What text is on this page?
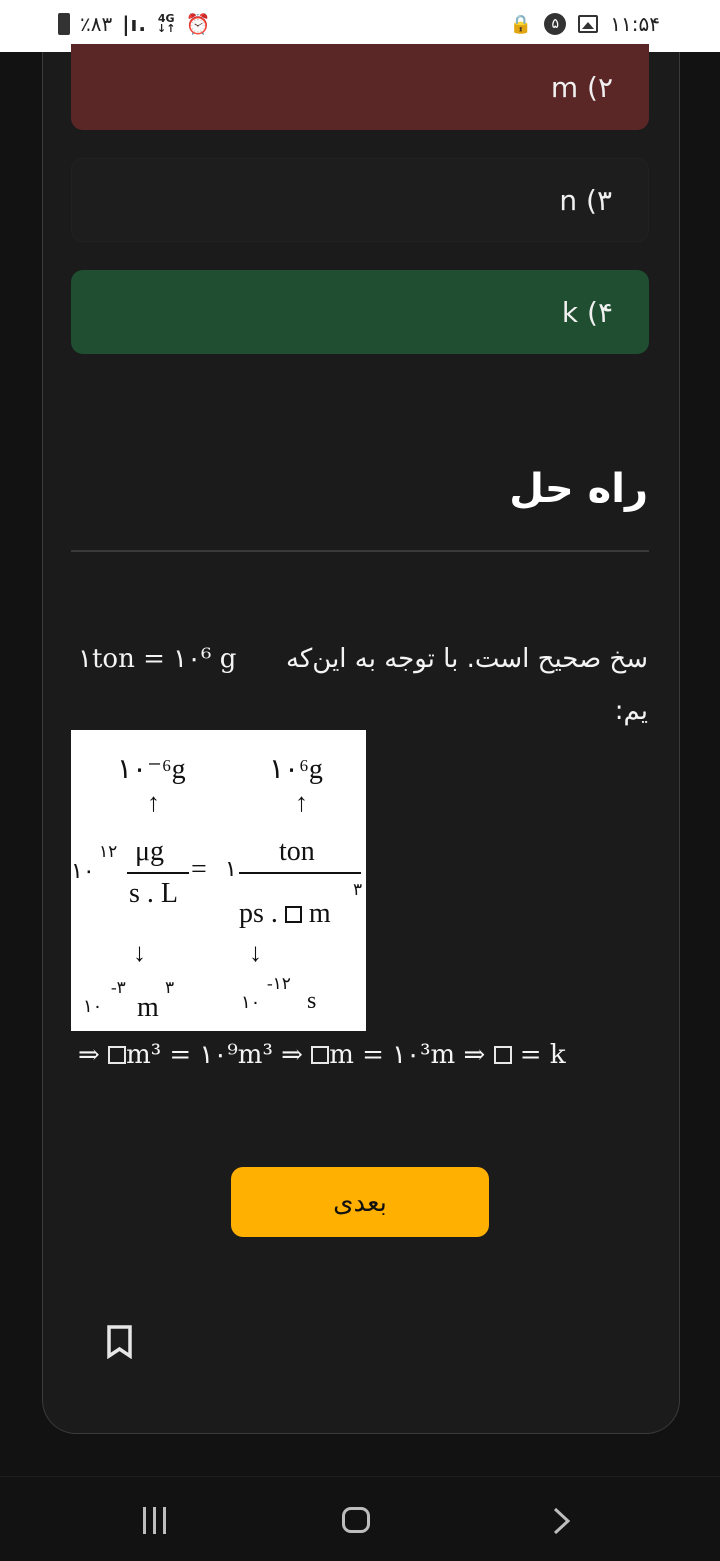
٪۸۳ |ı. 4G
↓↑ ⏰	🔒	۵	۱۱:۵۴
m (۲
n (۳
k (۴
راه حل
سخ صحیح است. با توجه به این‌که
۱ton = ۱۰⁶ g
یم:
۱۰⁻⁶g	۱۰⁶g
↑	↑
۱۰
۱۲ μg
s . L
= ۱
ton
ps . m
۳
↓	↓
۱۰
-۳
m
۳
۱۰
-۱۲
s
⇒ m³ = ۱۰⁹m³ ⇒ m = ۱۰³m ⇒  = k
بعدی
